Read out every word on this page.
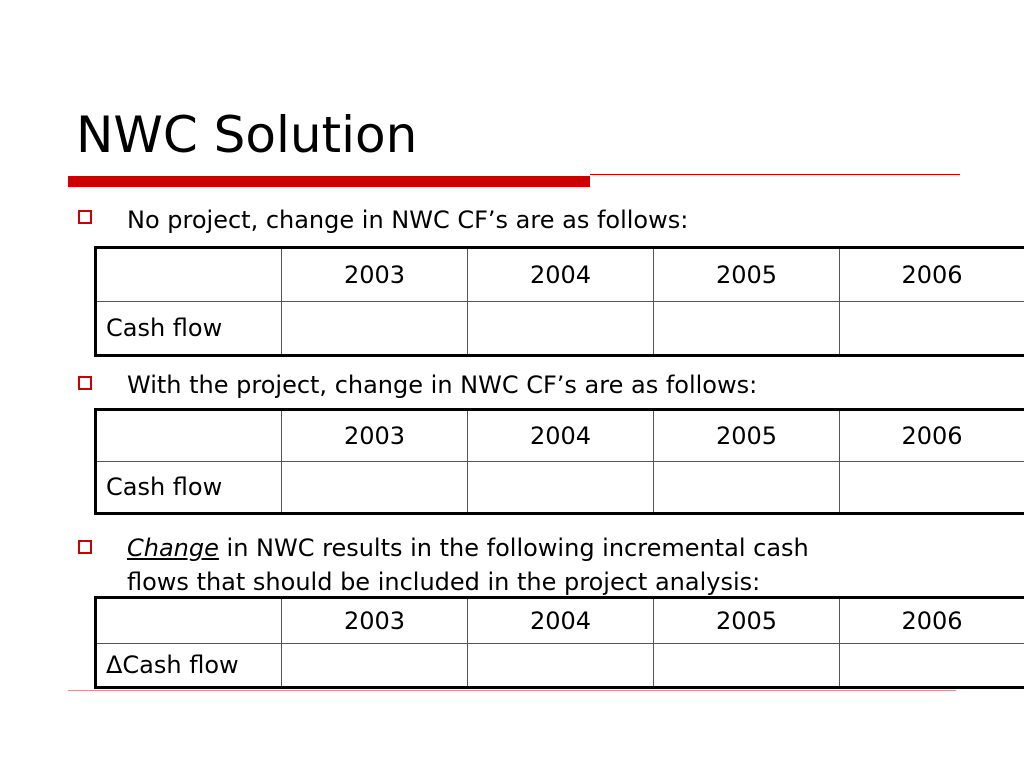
NWC Solution
No project, change in NWC CF’s are as follows:
	2003	2004	2005	2006
Cash flow				
With the project, change in NWC CF’s are as follows:
	2003	2004	2005	2006
Cash flow				
Change in NWC results in the following incremental cash
flows that should be included in the project analysis:
	2003	2004	2005	2006
ΔCash flow				
